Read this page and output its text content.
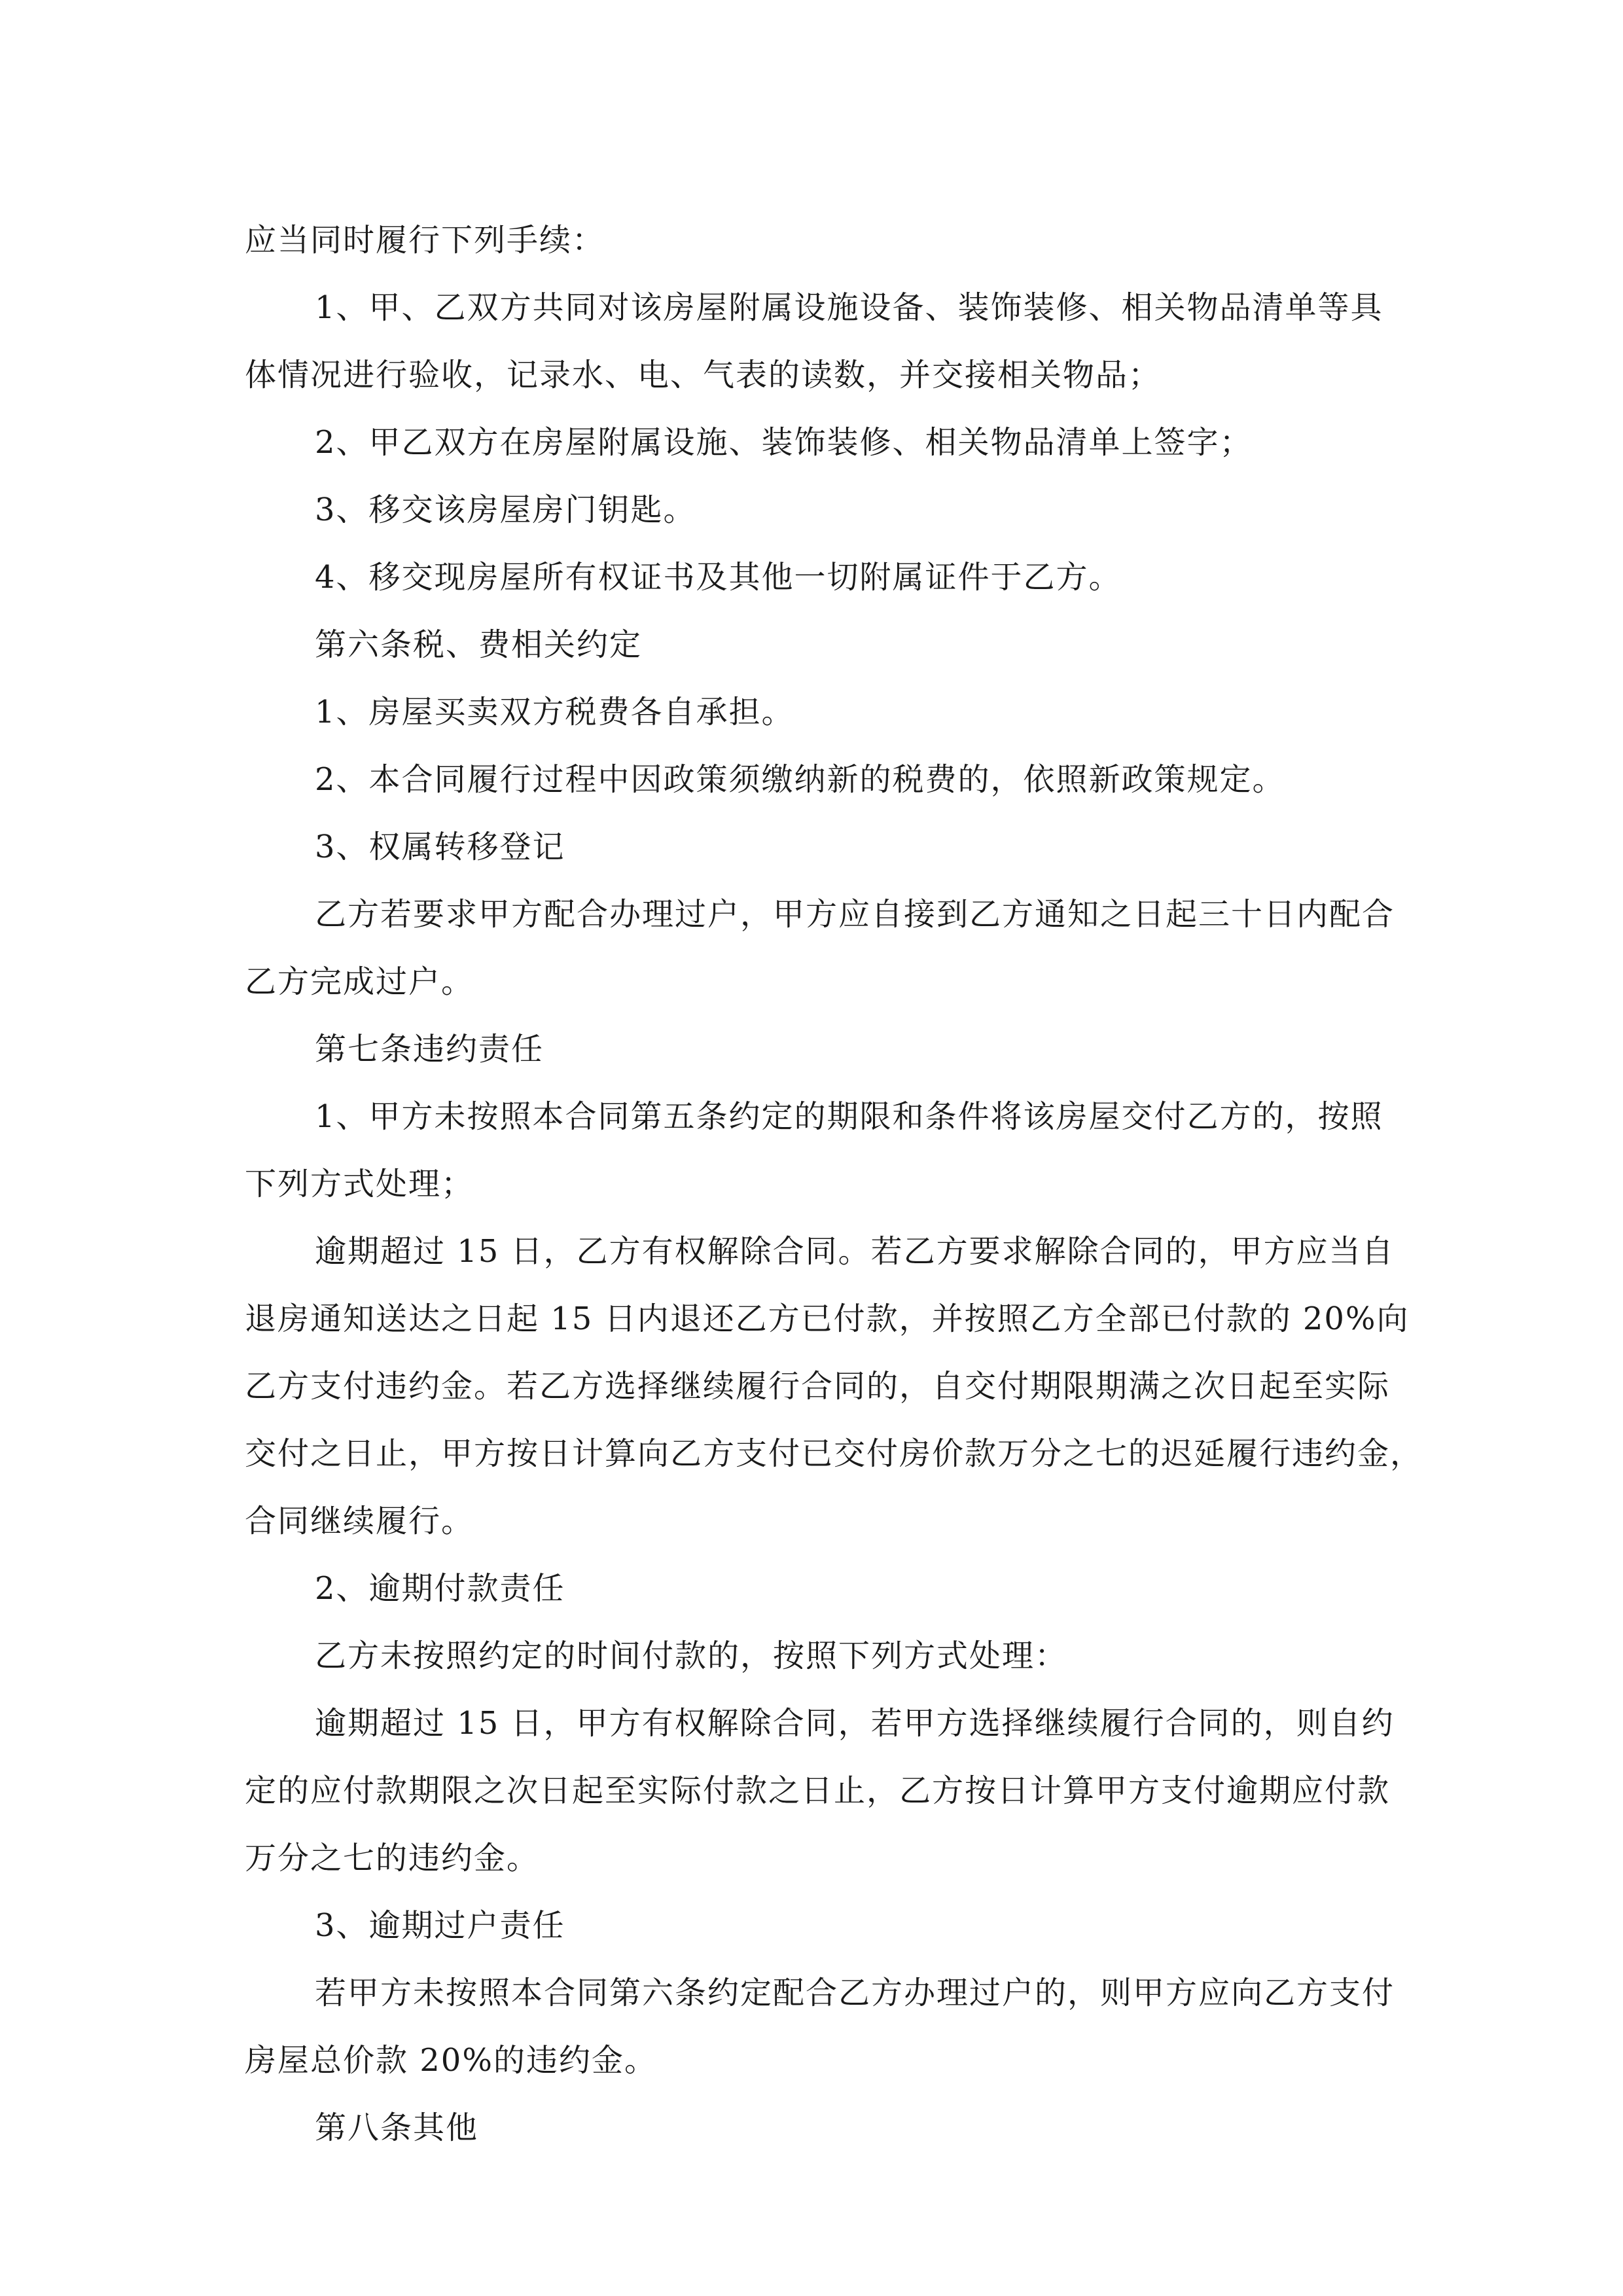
应当同时履行下列手续：
1、甲、乙双方共同对该房屋附属设施设备、装饰装修、相关物品清单等具
体情况进行验收，记录水、电、气表的读数，并交接相关物品；
2、甲乙双方在房屋附属设施、装饰装修、相关物品清单上签字；
3、移交该房屋房门钥匙。
4、移交现房屋所有权证书及其他一切附属证件于乙方。
第六条税、费相关约定
1、房屋买卖双方税费各自承担。
2、本合同履行过程中因政策须缴纳新的税费的，依照新政策规定。
3、权属转移登记
乙方若要求甲方配合办理过户，甲方应自接到乙方通知之日起三十日内配合
乙方完成过户。
第七条违约责任
1、甲方未按照本合同第五条约定的期限和条件将该房屋交付乙方的，按照
下列方式处理；
逾期超过 15 日，乙方有权解除合同。若乙方要求解除合同的，甲方应当自
退房通知送达之日起 15 日内退还乙方已付款，并按照乙方全部已付款的 20%向
乙方支付违约金。若乙方选择继续履行合同的，自交付期限期满之次日起至实际
交付之日止，甲方按日计算向乙方支付已交付房价款万分之七的迟延履行违约金，
合同继续履行。
2、逾期付款责任
乙方未按照约定的时间付款的，按照下列方式处理：
逾期超过 15 日，甲方有权解除合同，若甲方选择继续履行合同的，则自约
定的应付款期限之次日起至实际付款之日止，乙方按日计算甲方支付逾期应付款
万分之七的违约金。
3、逾期过户责任
若甲方未按照本合同第六条约定配合乙方办理过户的，则甲方应向乙方支付
房屋总价款 20%的违约金。
第八条其他
